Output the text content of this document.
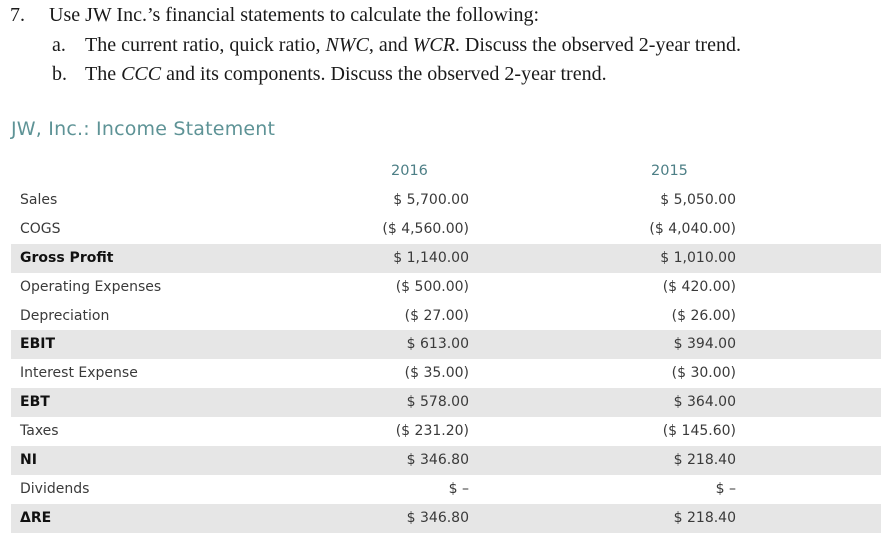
7. Use JW Inc.’s financial statements to calculate the following:
a. The current ratio, quick ratio, NWC, and WCR. Discuss the observed 2-year trend.
b. The CCC and its components. Discuss the observed 2-year trend.
JW, Inc.: Income Statement
2016	2015
Sales	$ 5,700.00	$ 5,050.00
COGS	($ 4,560.00)	($ 4,040.00)
Gross Profit	$ 1,140.00	$ 1,010.00
Operating Expenses	($ 500.00)	($ 420.00)
Depreciation	($ 27.00)	($ 26.00)
EBIT	$ 613.00	$ 394.00
Interest Expense	($ 35.00)	($ 30.00)
EBT	$ 578.00	$ 364.00
Taxes	($ 231.20)	($ 145.60)
NI	$ 346.80	$ 218.40
Dividends	$ –	$ –
ΔRE	$ 346.80	$ 218.40
